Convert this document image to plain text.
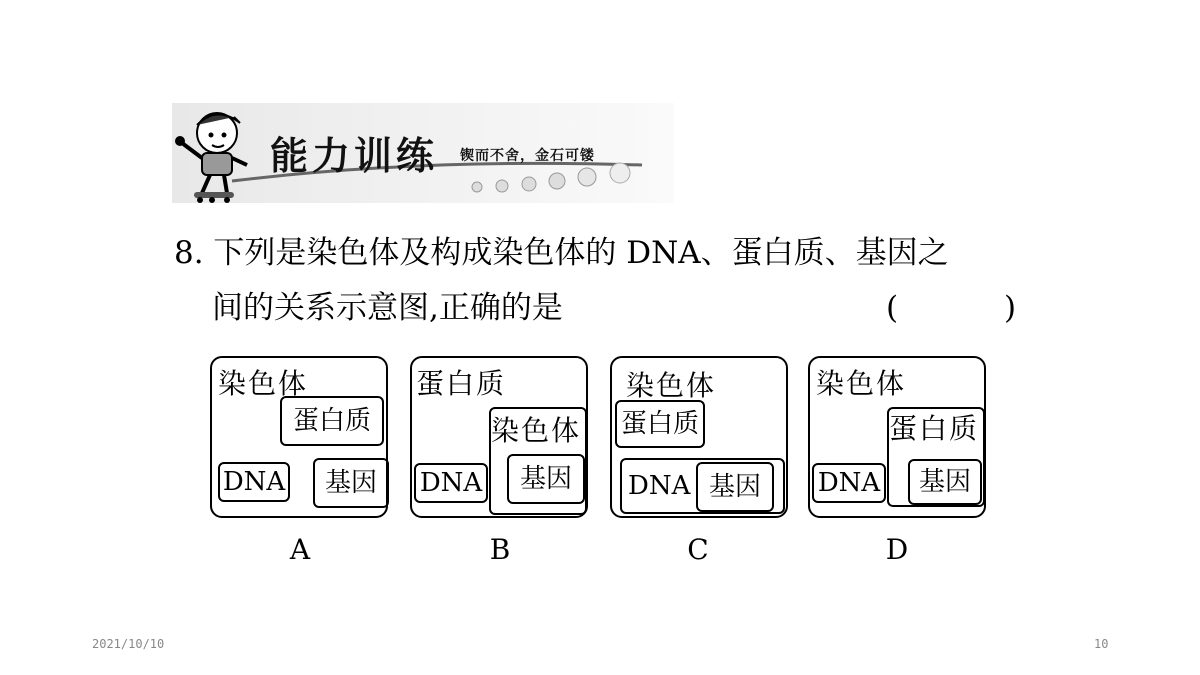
能力训练 锲而不舍，金石可镂
8. 下列是染色体及构成染色体的 DNA、蛋白质、基因之
间的关系示意图,正确的是	(	)
染色体
蛋白质
DNA	基因
A
蛋白质
染色体
DNA	基因
B
染色体
蛋白质
DNA 基因
C
染色体
蛋白质
DNA	基因
D
2021/10/10	10
